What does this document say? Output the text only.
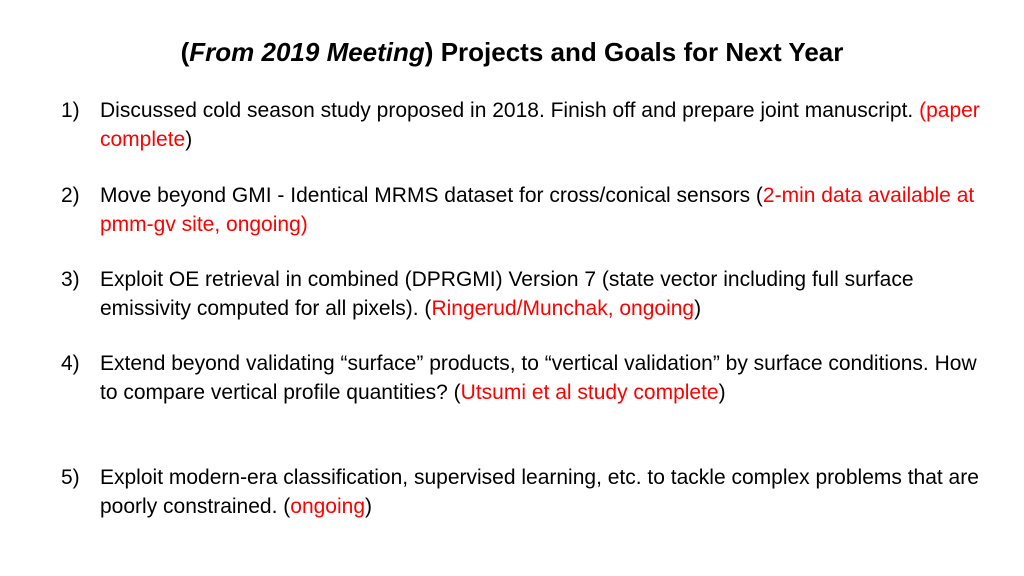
(From 2019 Meeting) Projects and Goals for Next Year
1) Discussed cold season study proposed in 2018. Finish off and prepare joint manuscript. (paper complete)
2) Move beyond GMI - Identical MRMS dataset for cross/conical sensors (2-min data available at pmm-gv site, ongoing)
3) Exploit OE retrieval in combined (DPRGMI) Version 7 (state vector including full surface emissivity computed for all pixels). (Ringerud/Munchak, ongoing)
4) Extend beyond validating “surface” products, to “vertical validation” by surface conditions. How to compare vertical profile quantities? (Utsumi et al study complete)
5) Exploit modern-era classification, supervised learning, etc. to tackle complex problems that are poorly constrained. (ongoing)
